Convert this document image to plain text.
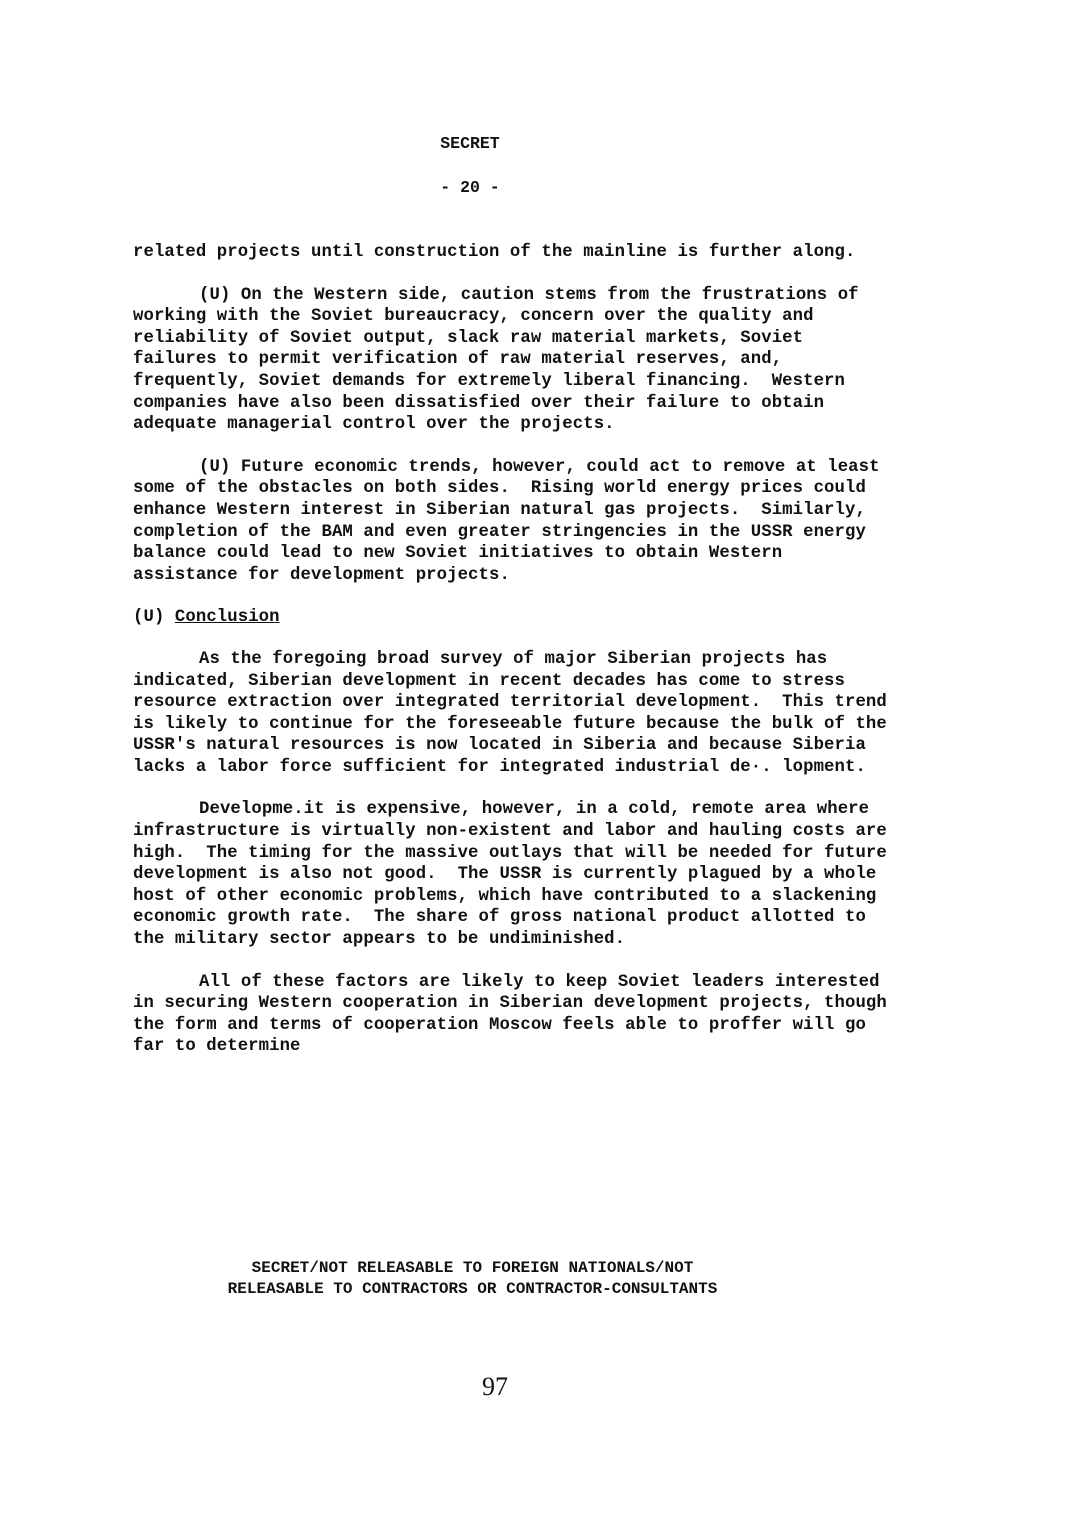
SECRET
- 20 -

related projects until construction of the mainline is further along.

(U) On the Western side, caution stems from the frustrations of working with the Soviet bureaucracy, concern over the quality and reliability of Soviet output, slack raw material markets, Soviet failures to permit verification of raw material reserves, and, frequently, Soviet demands for extremely liberal financing.  Western companies have also been dissatisfied over their failure to obtain adequate managerial control over the projects.

(U) Future economic trends, however, could act to remove at least some of the obstacles on both sides.  Rising world energy prices could enhance Western interest in Siberian natural gas projects.  Similarly, completion of the BAM and even greater stringencies in the USSR energy balance could lead to new Soviet initiatives to obtain Western assistance for development projects.

(U) Conclusion

As the foregoing broad survey of major Siberian projects has indicated, Siberian development in recent decades has come to stress resource extraction over integrated territorial development.  This trend is likely to continue for the foreseeable future because the bulk of the USSR's natural resources is now located in Siberia and because Siberia lacks a labor force sufficient for integrated industrial de·. lopment.

Developme.it is expensive, however, in a cold, remote area where infrastructure is virtually non-existent and labor and hauling costs are high.  The timing for the massive outlays that will be needed for future development is also not good.  The USSR is currently plagued by a whole host of other economic problems, which have contributed to a slackening economic growth rate.  The share of gross national product allotted to the military sector appears to be undiminished.

All of these factors are likely to keep Soviet leaders interested in securing Western cooperation in Siberian development projects, though the form and terms of cooperation Moscow feels able to proffer will go far to determine

SECRET/NOT RELEASABLE TO FOREIGN NATIONALS/NOT
RELEASABLE TO CONTRACTORS OR CONTRACTOR-CONSULTANTS
97
